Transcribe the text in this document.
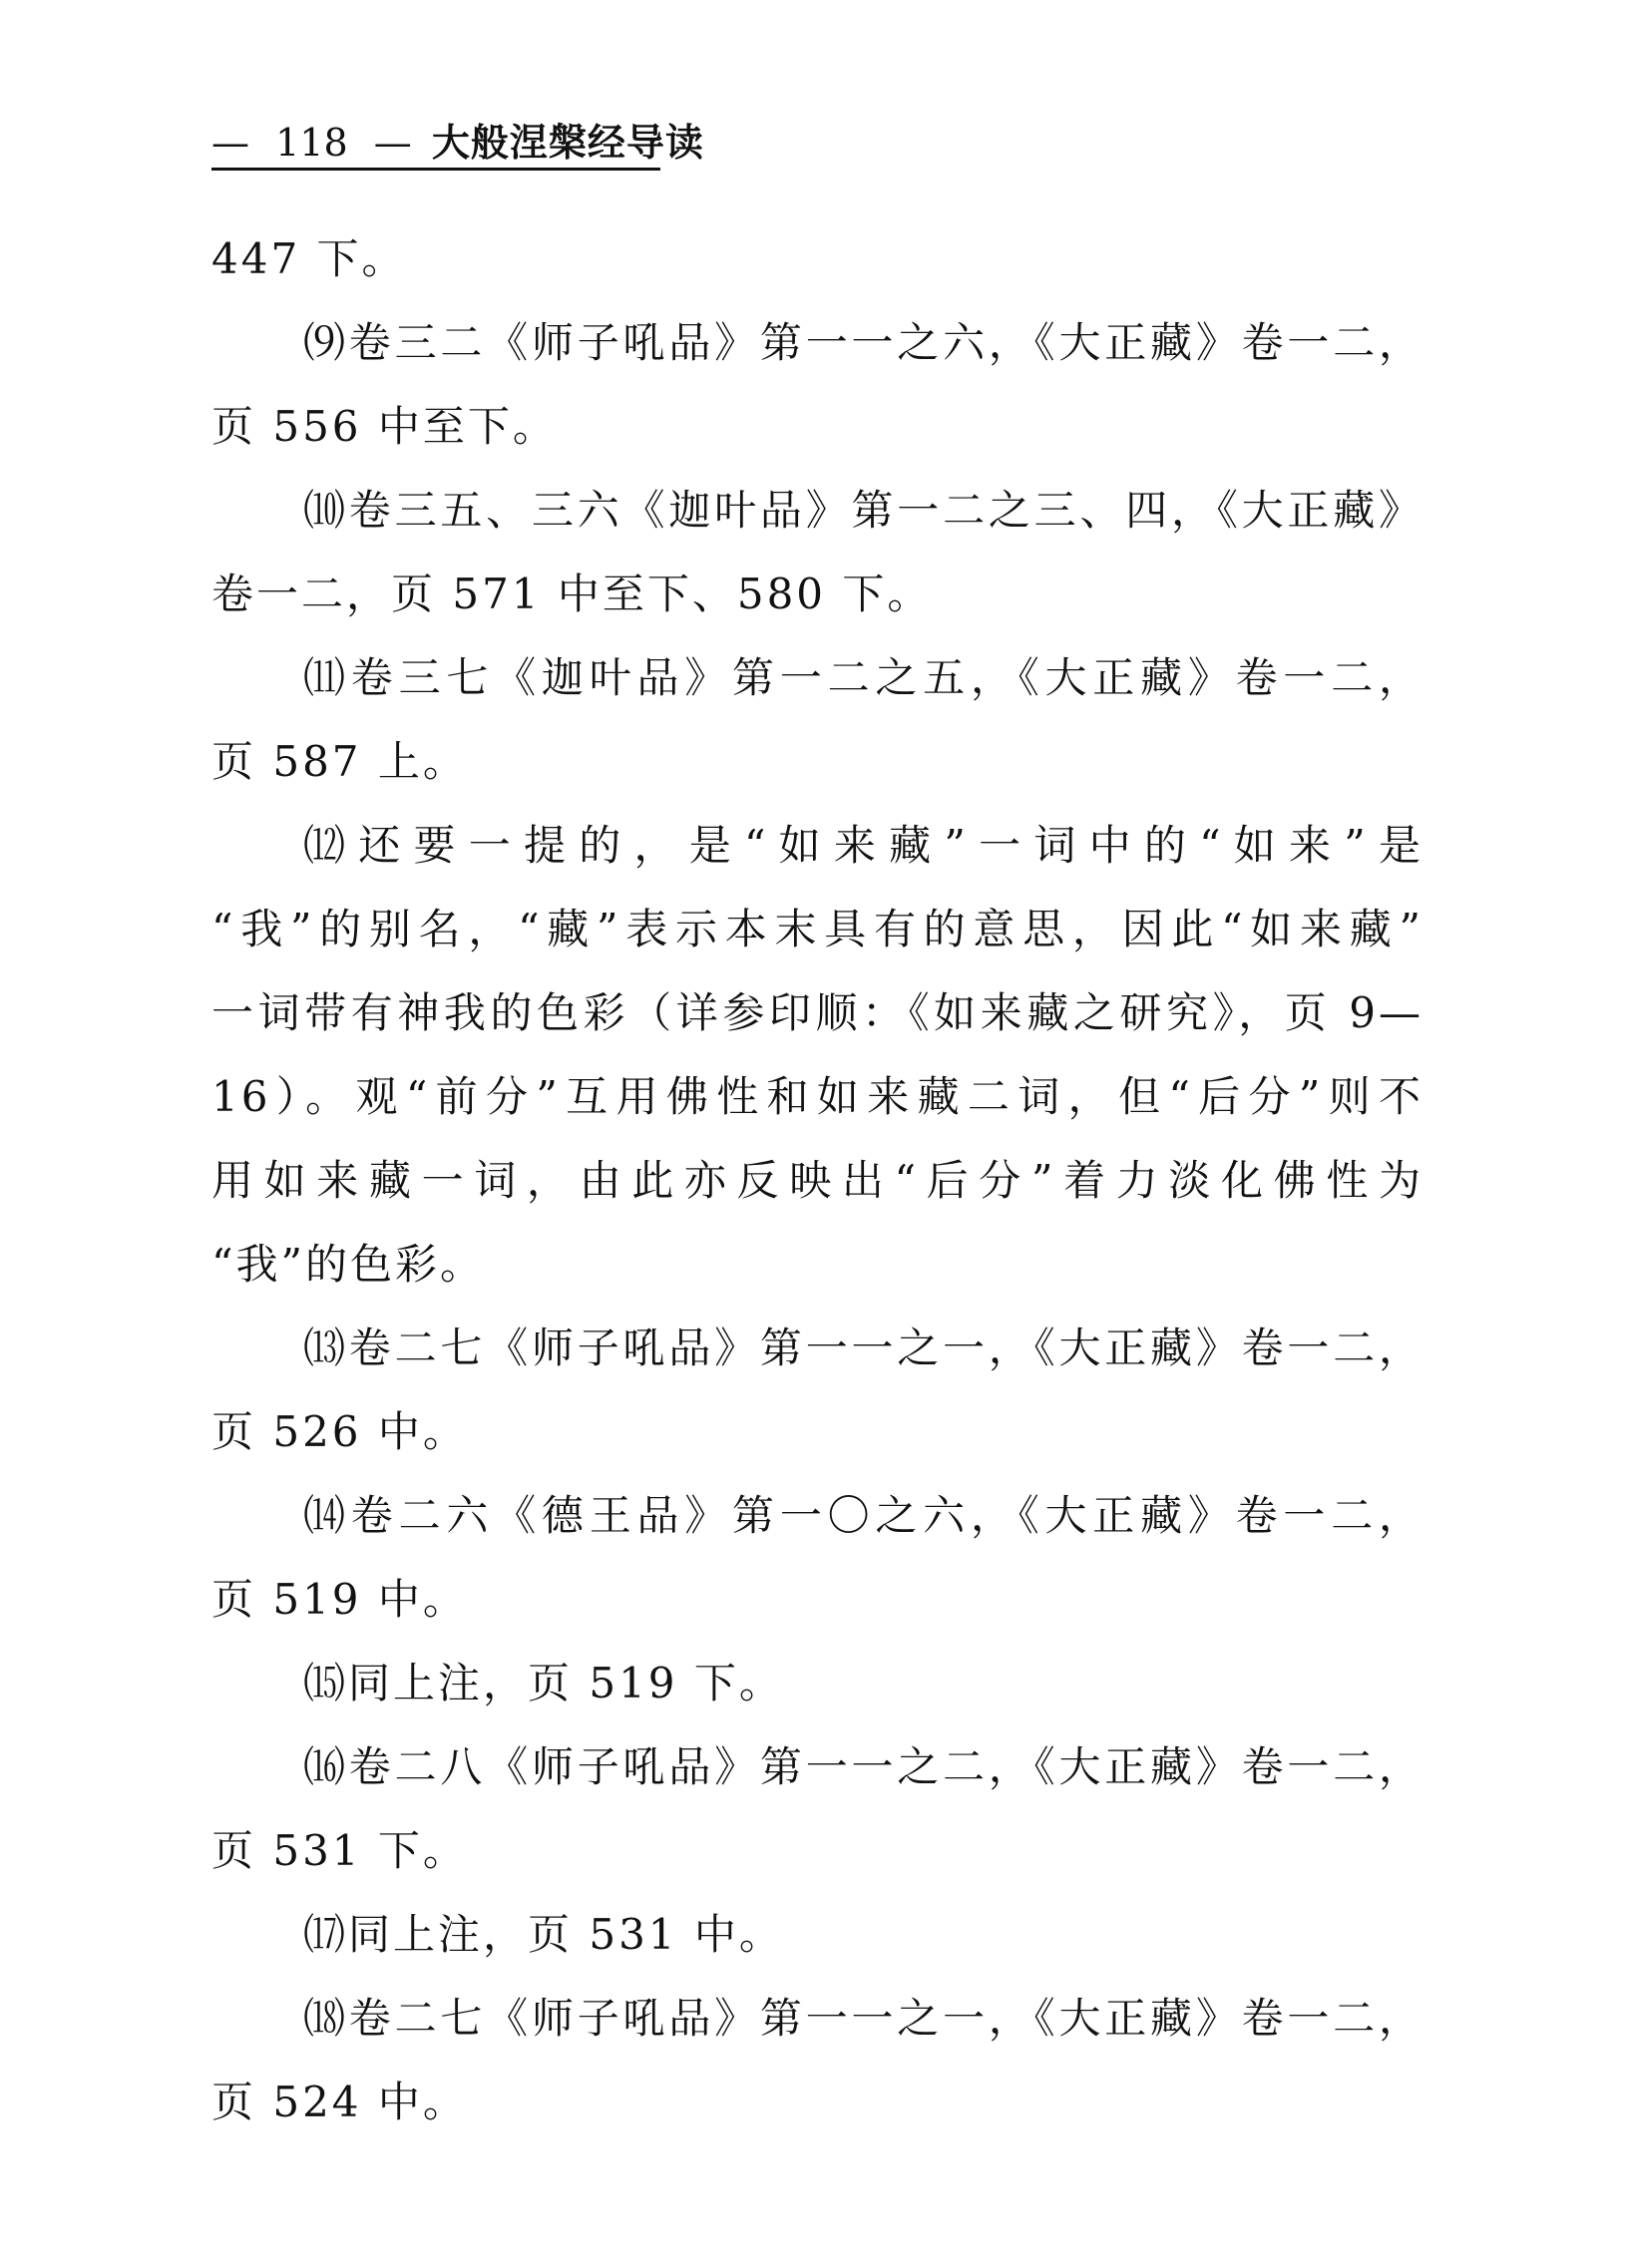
— 118 — 大般涅槃经导读
447 下。
⑼卷三二《师子吼品》第一一之六，《大正藏》卷一二，
页 556 中至下。
⑽卷三五、三六《迦叶品》第一二之三、四，《大正藏》
卷一二，页 571 中至下、580 下。
⑾卷三七《迦叶品》第一二之五，《大正藏》卷一二，
页 587 上。
⑿还要一提的，是“如来藏”一词中的“如来”是
“我”的别名，“藏”表示本末具有的意思，因此“如来藏”
一词带有神我的色彩（详参印顺：《如来藏之研究》，页 9—
16）。观“前分”互用佛性和如来藏二词，但“后分”则不
用如来藏一词，由此亦反映出“后分”着力淡化佛性为
“我”的色彩。
⒀卷二七《师子吼品》第一一之一，《大正藏》卷一二，
页 526 中。
⒁卷二六《德王品》第一〇之六，《大正藏》卷一二，
页 519 中。
⒂同上注，页 519 下。
⒃卷二八《师子吼品》第一一之二，《大正藏》卷一二，
页 531 下。
⒄同上注，页 531 中。
⒅卷二七《师子吼品》第一一之一，《大正藏》卷一二，
页 524 中。
